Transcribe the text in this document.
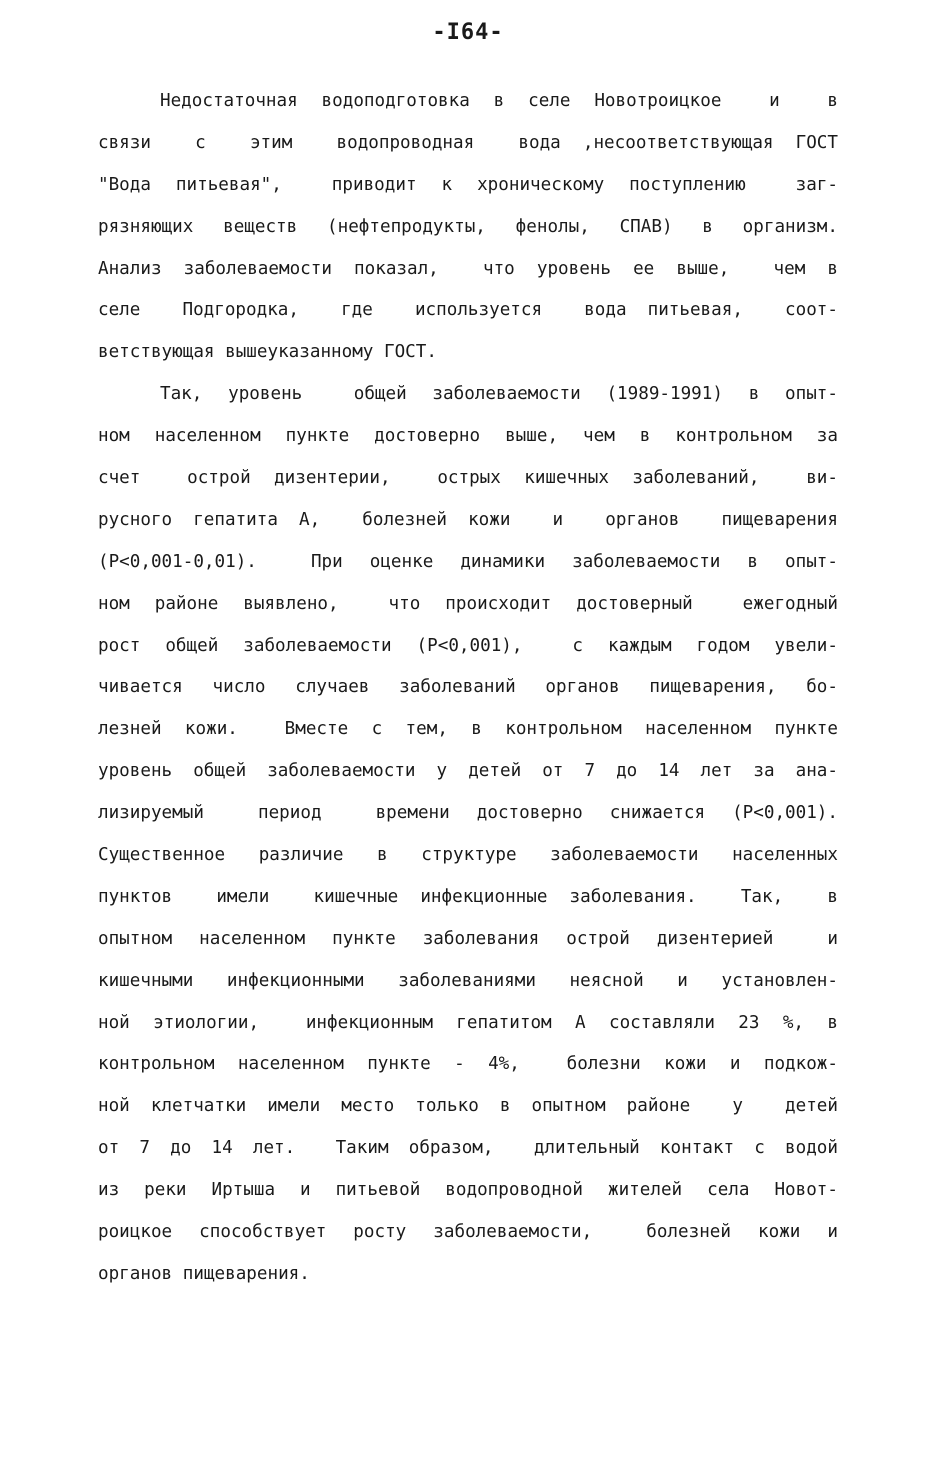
-I64-
Недостаточная водоподготовка в селе Новотроицкое  и  в
связи  с  этим  водопроводная  вода ,несоответствующая ГОСТ
"Вода питьевая",  приводит к хроническому поступлению  заг-
рязняющих веществ (нефтепродукты, фенолы, СПАВ) в организм.
Анализ заболеваемости показал,  что уровень ее выше,  чем в
селе  Подгородка,  где  используется  вода питьевая,  соот-
ветствующая вышеуказанному ГОСТ.
Так, уровень  общей заболеваемости (1989-1991) в опыт-
ном населенном пункте достоверно выше, чем в контрольном за
счет  острой дизентерии,  острых кишечных заболеваний,  ви-
русного гепатита А,  болезней кожи  и  органов  пищеварения
(Р<0,001-0,01).  При оценке динамики заболеваемости в опыт-
ном районе выявлено,  что происходит достоверный  ежегодный
рост общей заболеваемости (Р<0,001),  с каждым годом увели-
чивается число случаев заболеваний органов пищеварения, бо-
лезней кожи.  Вместе с тем, в контрольном населенном пункте
уровень общей заболеваемости у детей от 7 до 14 лет за ана-
лизируемый  период  времени достоверно снижается (Р<0,001).
Существенное различие в структуре заболеваемости населенных
пунктов  имели  кишечные инфекционные заболевания.  Так,  в
опытном населенном пункте заболевания острой дизентерией  и
кишечными инфекционными заболеваниями неясной и установлен-
ной этиологии,  инфекционным гепатитом А составляли 23 %, в
контрольном населенном пункте - 4%,  болезни кожи и подкож-
ной клетчатки имели место только в опытном районе  у  детей
от 7 до 14 лет.  Таким образом,  длительный контакт с водой
из реки Иртыша и питьевой водопроводной жителей села Новот-
роицкое способствует росту заболеваемости,  болезней кожи и
органов пищеварения.
